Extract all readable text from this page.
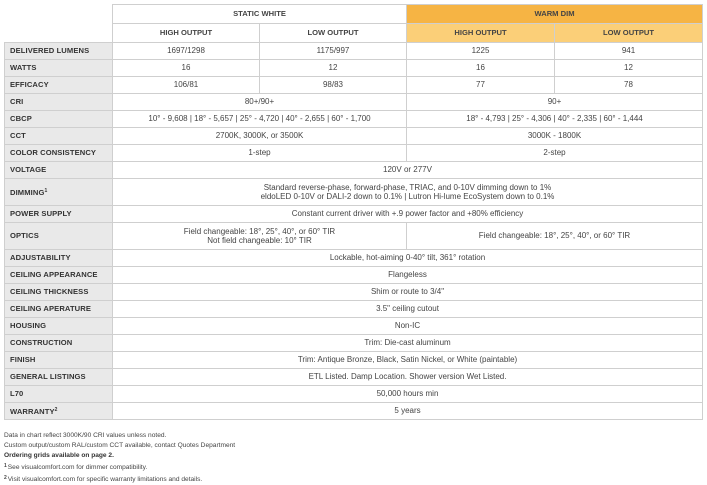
	STATIC WHITE		WARM DIM	
	HIGH OUTPUT	LOW OUTPUT	HIGH OUTPUT	LOW OUTPUT
DELIVERED LUMENS	1697/1298	1175/997	1225	941
WATTS	16	12	16	12
EFFICACY	106/81	98/83	77	78
CRI	80+/90+		90+	
CBCP	10° - 9,608 | 18° - 5,657 | 25° - 4,720 | 40° - 2,655 | 60° - 1,700		18° - 4,793 | 25° - 4,306 | 40° - 2,335 | 60° - 1,444	
CCT	2700K, 3000K, or 3500K		3000K - 1800K	
COLOR CONSISTENCY	1-step		2-step	
VOLTAGE	120V or 277V			
DIMMING$^1$	Standard reverse-phase, forward-phase, TRIAC, and 0-10V dimming down to 1%
eldoLED 0-10V or DALI-2 down to 0.1% | Lutron Hi-lume EcoSystem down to 0.1%			

POWER SUPPLY	Constant current driver with +.9 power factor and +80% efficiency			
OPTICS	Field changeable: 18°, 25°, 40°, or 60° TIR
Not field changeable: 10° TIR		Field changeable: 18°, 25°, 40°, or 60° TIR	
ADJUSTABILITY	Lockable, hot-aiming 0-40° tilt, 361° rotation			
CEILING APPEARANCE	Flangeless			
CEILING THICKNESS	Shim or route to 3/4"			
CEILING APERATURE	3.5" ceiling cutout			
HOUSING	Non-IC			
CONSTRUCTION	Trim: Die-cast aluminum			
FINISH	Trim: Antique Bronze, Black, Satin Nickel, or White (paintable)			
GENERAL LISTINGS	ETL Listed. Damp Location. Shower version Wet Listed.			
L70	50,000 hours min			
WARRANTY$^2$	5 years			
Data in chart reflect 3000K/90 CRI values unless noted.
Custom output/custom RAL/custom CCT available, contact Quotes Department
Ordering grids available on page 2.
$^1$See visualcomfort.com for dimmer compatibility.
$^2$Visit visualcomfort.com for specific warranty limitations and details.
